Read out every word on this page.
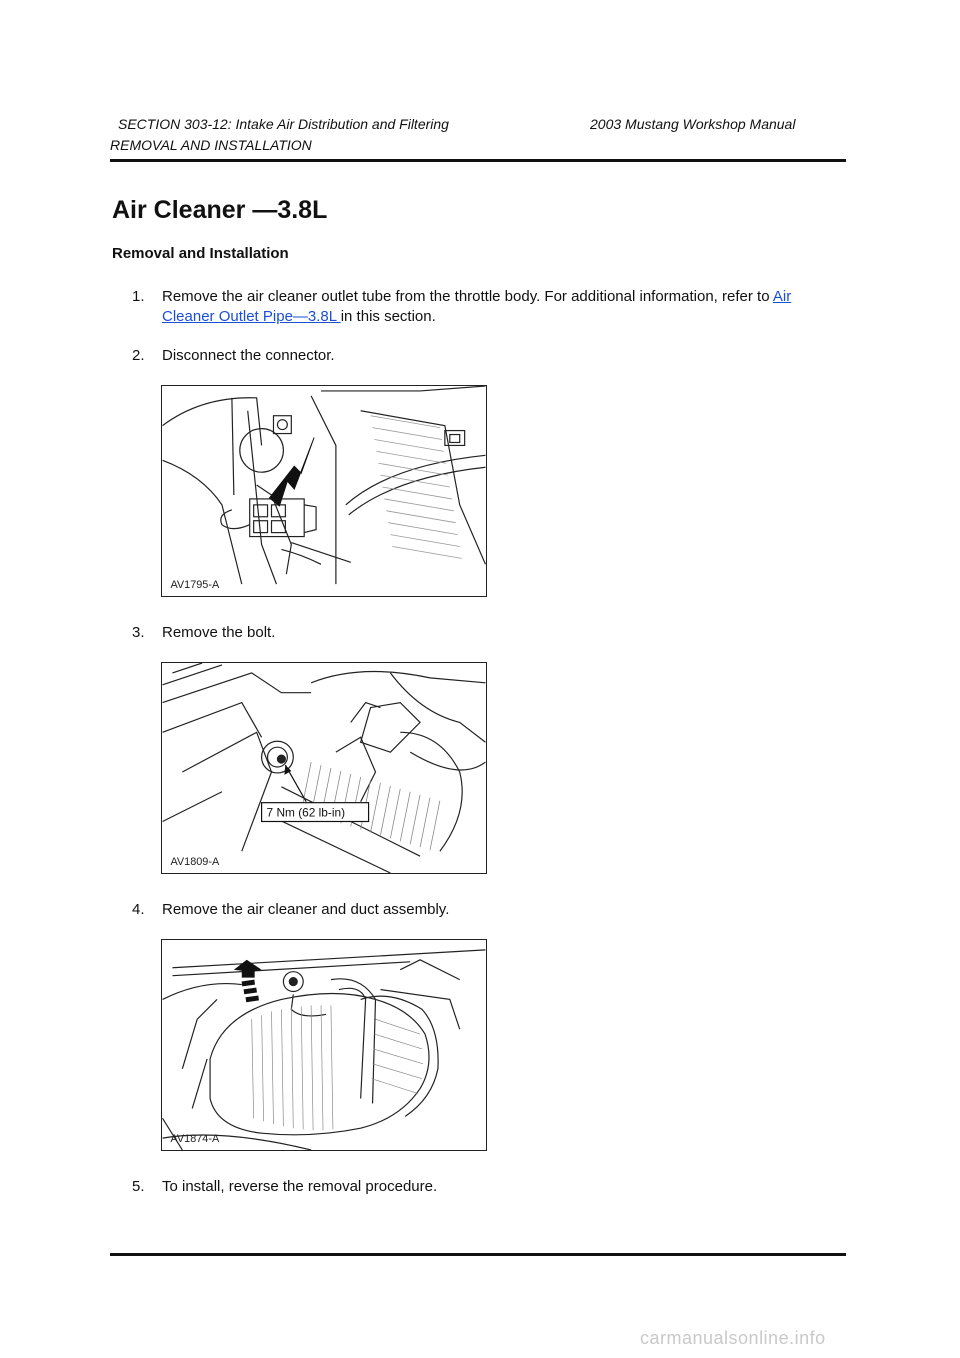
SECTION 303-12: Intake Air Distribution and Filtering	2003 Mustang Workshop Manual
REMOVAL AND INSTALLATION
Air Cleaner —3.8L
Removal and Installation
1. Remove the air cleaner outlet tube from the throttle body. For additional information, refer to Air Cleaner Outlet Pipe—3.8L in this section.
2. Disconnect the connector.
AV1795-A
3. Remove the bolt.
7 Nm (62 lb-in)
AV1809-A
4. Remove the air cleaner and duct assembly.
AV1874-A
5. To install, reverse the removal procedure.
carmanualsonline.info
